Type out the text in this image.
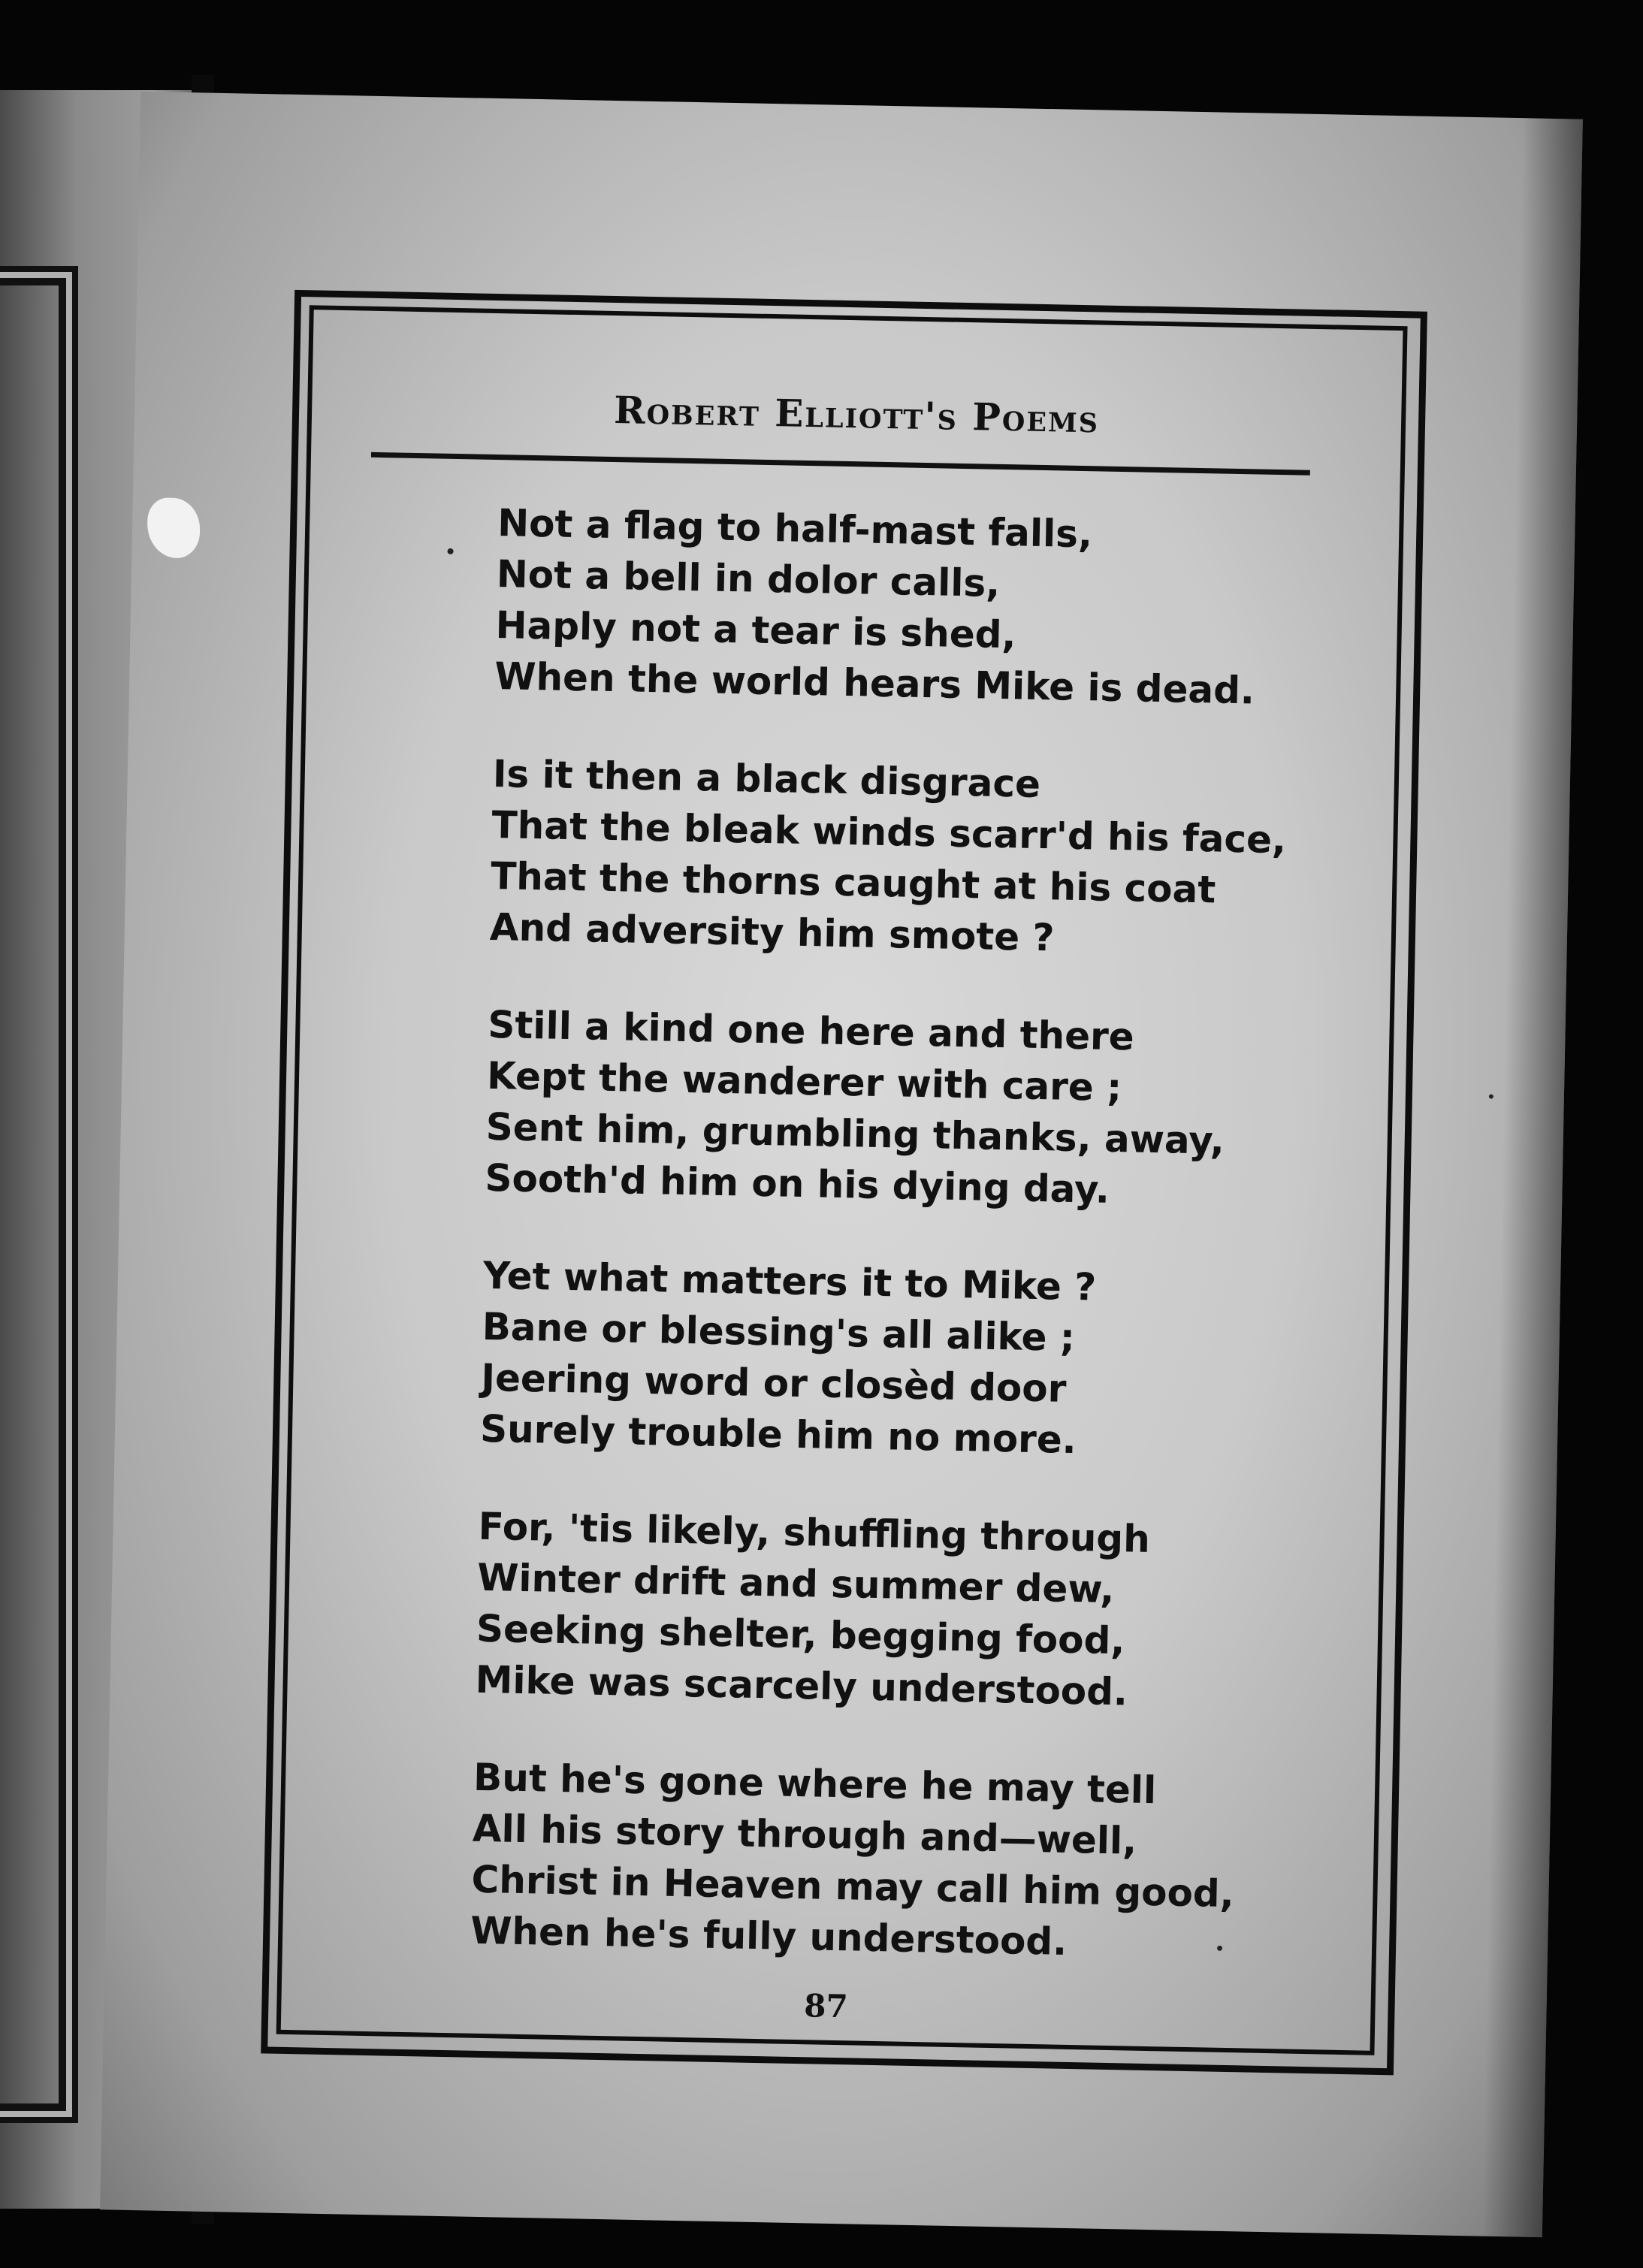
Robert Elliott's Poems
Not a flag to half-mast falls,
Not a bell in dolor calls,
Haply not a tear is shed,
When the world hears Mike is dead.
Is it then a black disgrace
That the bleak winds scarr'd his face,
That the thorns caught at his coat
And adversity him smote ?
Still a kind one here and there
Kept the wanderer with care ;
Sent him, grumbling thanks, away,
Sooth'd him on his dying day.
Yet what matters it to Mike ?
Bane or blessing's all alike ;
Jeering word or closèd door
Surely trouble him no more.
For, 'tis likely, shuffling through
Winter drift and summer dew,
Seeking shelter, begging food,
Mike was scarcely understood.
But he's gone where he may tell
All his story through and—well,
Christ in Heaven may call him good,
When he's fully understood.
87
